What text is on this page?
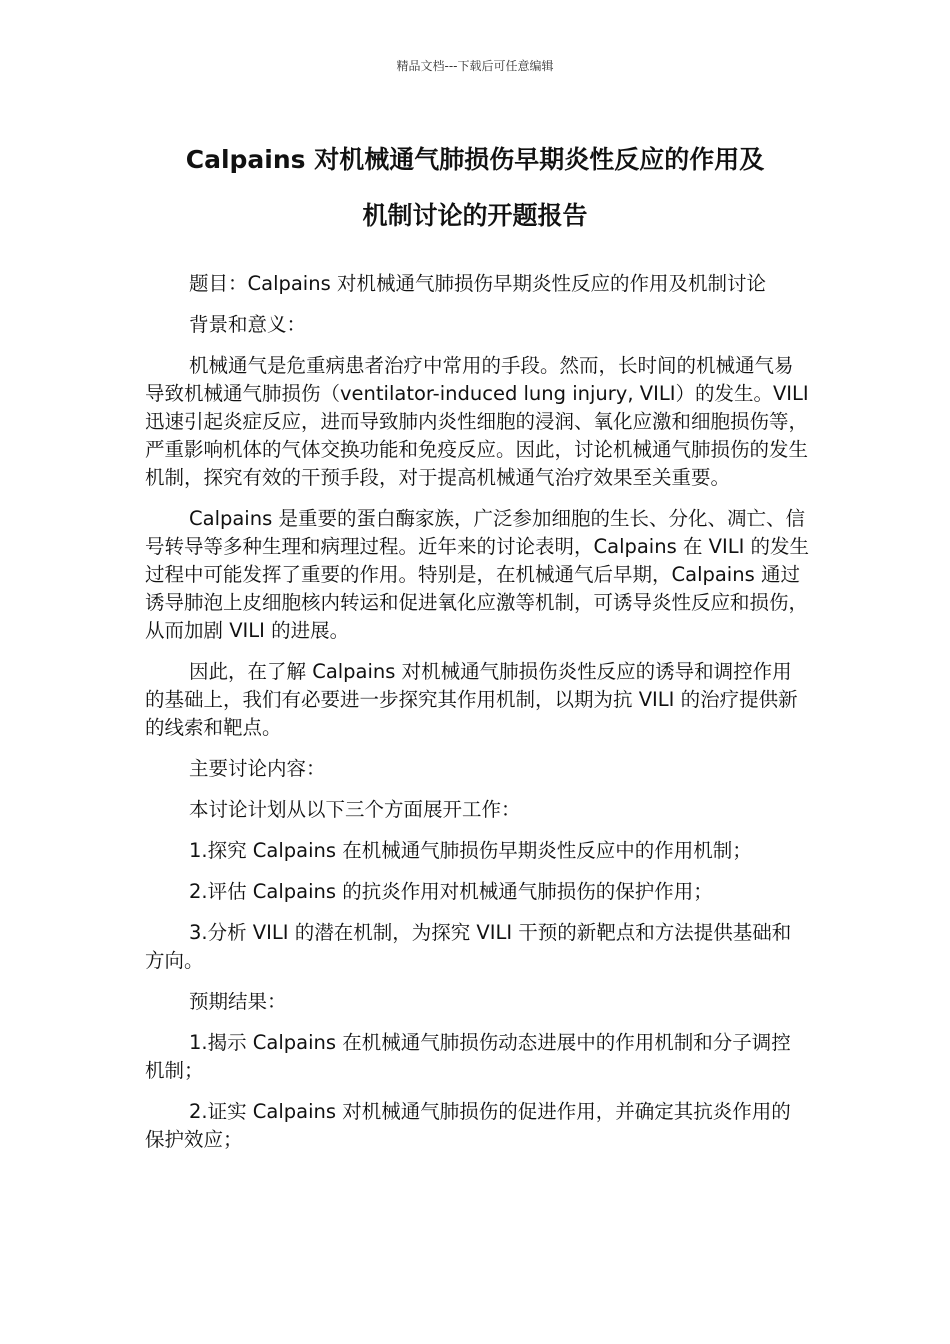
精品文档---下载后可任意编辑
Calpains 对机械通气肺损伤早期炎性反应的作用及
机制讨论的开题报告

题目：Calpains 对机械通气肺损伤早期炎性反应的作用及机制讨论

背景和意义：

机械通气是危重病患者治疗中常用的手段。然而，长时间的机械通气易导致机械通气肺损伤（ventilator-induced lung injury, VILI）的发生。VILI 迅速引起炎症反应，进而导致肺内炎性细胞的浸润、氧化应激和细胞损伤等，严重影响机体的气体交换功能和免疫反应。因此，讨论机械通气肺损伤的发生机制，探究有效的干预手段，对于提高机械通气治疗效果至关重要。

Calpains 是重要的蛋白酶家族，广泛参加细胞的生长、分化、凋亡、信号转导等多种生理和病理过程。近年来的讨论表明，Calpains 在 VILI 的发生过程中可能发挥了重要的作用。特别是，在机械通气后早期，Calpains 通过诱导肺泡上皮细胞核内转运和促进氧化应激等机制，可诱导炎性反应和损伤，从而加剧 VILI 的进展。

因此，在了解 Calpains 对机械通气肺损伤炎性反应的诱导和调控作用的基础上，我们有必要进一步探究其作用机制，以期为抗 VILI 的治疗提供新的线索和靶点。

主要讨论内容：

本讨论计划从以下三个方面展开工作：

1.探究 Calpains 在机械通气肺损伤早期炎性反应中的作用机制；

2.评估 Calpains 的抗炎作用对机械通气肺损伤的保护作用；

3.分析 VILI 的潜在机制，为探究 VILI 干预的新靶点和方法提供基础和方向。

预期结果：

1.揭示 Calpains 在机械通气肺损伤动态进展中的作用机制和分子调控机制；

2.证实 Calpains 对机械通气肺损伤的促进作用，并确定其抗炎作用的保护效应；
